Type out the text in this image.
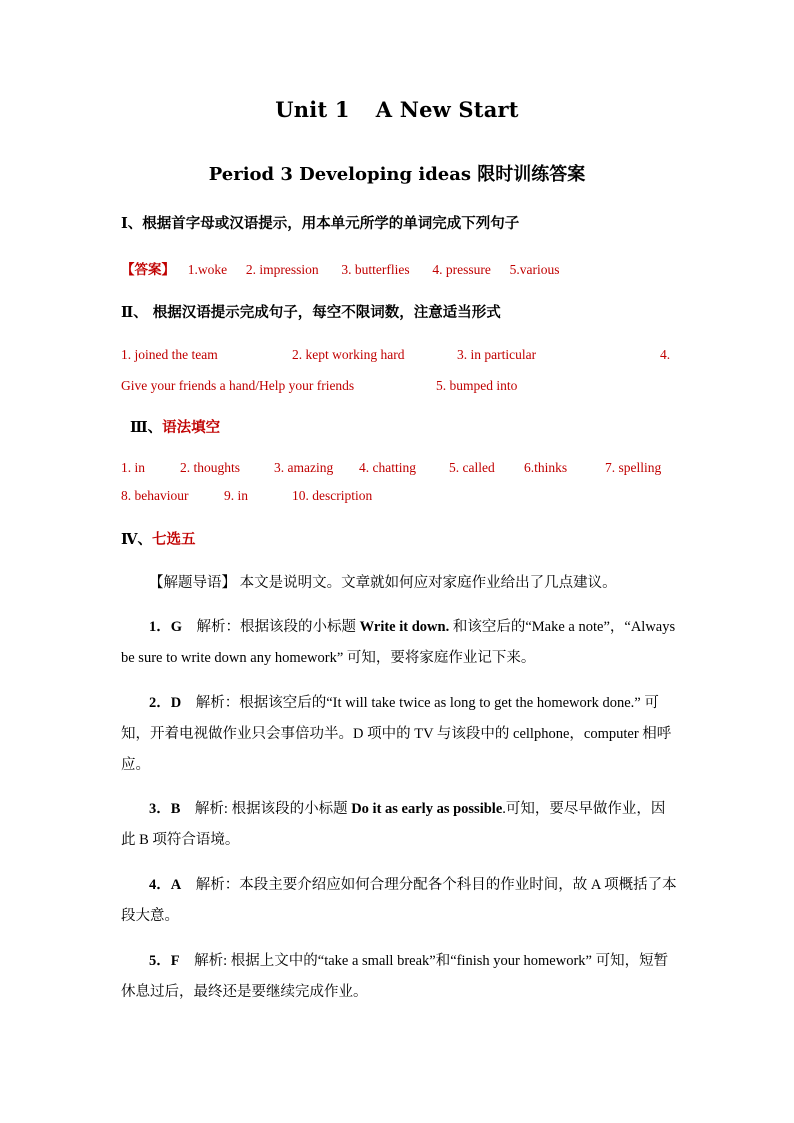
Unit 1 A New Start
Period 3 Developing ideas 限时训练答案
Ⅰ、根据首字母或汉语提示，用本单元所学的单词完成下列句子
【答案】 1.woke 2. impression 3. butterflies 4. pressure 5.various
Ⅱ、 根据汉语提示完成句子，每空不限词数，注意适当形式
1. joined the team	2. kept working hard	3. in particular	4.
Give your friends a hand/Help your friends	5. bumped into
Ⅲ、语法填空
1. in	2. thoughts	3. amazing 4. chatting 5. called 6.thinks	7. spelling
8. behaviour	9. in	10. description
Ⅳ、七选五
【解题导语】 本文是说明文。文章就如何应对家庭作业给出了几点建议。
1．G 解析：根据该段的小标题 Write it down. 和该空后的“Make a note”，“Always be sure to write down any homework” 可知，要将家庭作业记下来。
2．D 解析：根据该空后的“It will take twice as long to get the homework done.” 可知，开着电视做作业只会事倍功半。D 项中的 TV 与该段中的 cellphone，computer 相呼应。
3．B 解析: 根据该段的小标题 Do it as early as possible.可知，要尽早做作业，因此 B 项符合语境。
4．A 解析：本段主要介绍应如何合理分配各个科目的作业时间，故 A 项概括了本段大意。
5．F 解析: 根据上文中的“take a small break”和“finish your homework” 可知，短暂休息过后，最终还是要继续完成作业。
